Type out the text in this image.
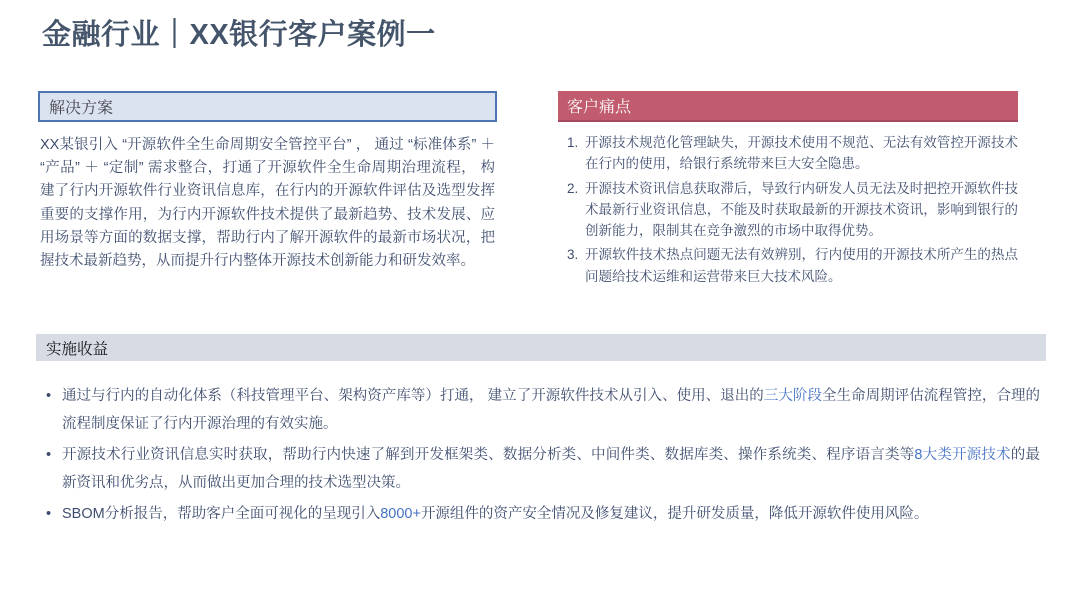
金融行业｜XX银行客户案例一
解决方案

XX某银引入 “开源软件全生命周期安全管控平台” ， 通过 “标准体系” ＋ “产品” ＋ “定制” 需求整合，打通了开源软件全生命周期治理流程， 构建了行内开源软件行业资讯信息库，在行内的开源软件评估及选型发挥重要的支撑作用，为行内开源软件技术提供了最新趋势、技术发展、应用场景等方面的数据支撑，帮助行内了解开源软件的最新市场状况，把握技术最新趋势，从而提升行内整体开源技术创新能力和研发效率。

客户痛点
1. 开源技术规范化管理缺失，开源技术使用不规范、无法有效管控开源技术在行内的使用，给银行系统带来巨大安全隐患。
2. 开源技术资讯信息获取滞后，导致行内研发人员无法及时把控开源软件技术最新行业资讯信息，不能及时获取最新的开源技术资讯，影响到银行的创新能力，限制其在竞争激烈的市场中取得优势。
3. 开源软件技术热点问题无法有效辨别，行内使用的开源技术所产生的热点问题给技术运维和运营带来巨大技术风险。
实施收益
• 通过与行内的自动化体系（科技管理平台、架构资产库等）打通， 建立了开源软件技术从引入、使用、退出的三大阶段全生命周期评估流程管控，合理的流程制度保证了行内开源治理的有效实施。
• 开源技术行业资讯信息实时获取，帮助行内快速了解到开发框架类、数据分析类、中间件类、数据库类、操作系统类、程序语言类等8大类开源技术的最新资讯和优劣点，从而做出更加合理的技术选型决策。
• SBOM分析报告，帮助客户全面可视化的呈现引入8000+开源组件的资产安全情况及修复建议，提升研发质量，降低开源软件使用风险。
